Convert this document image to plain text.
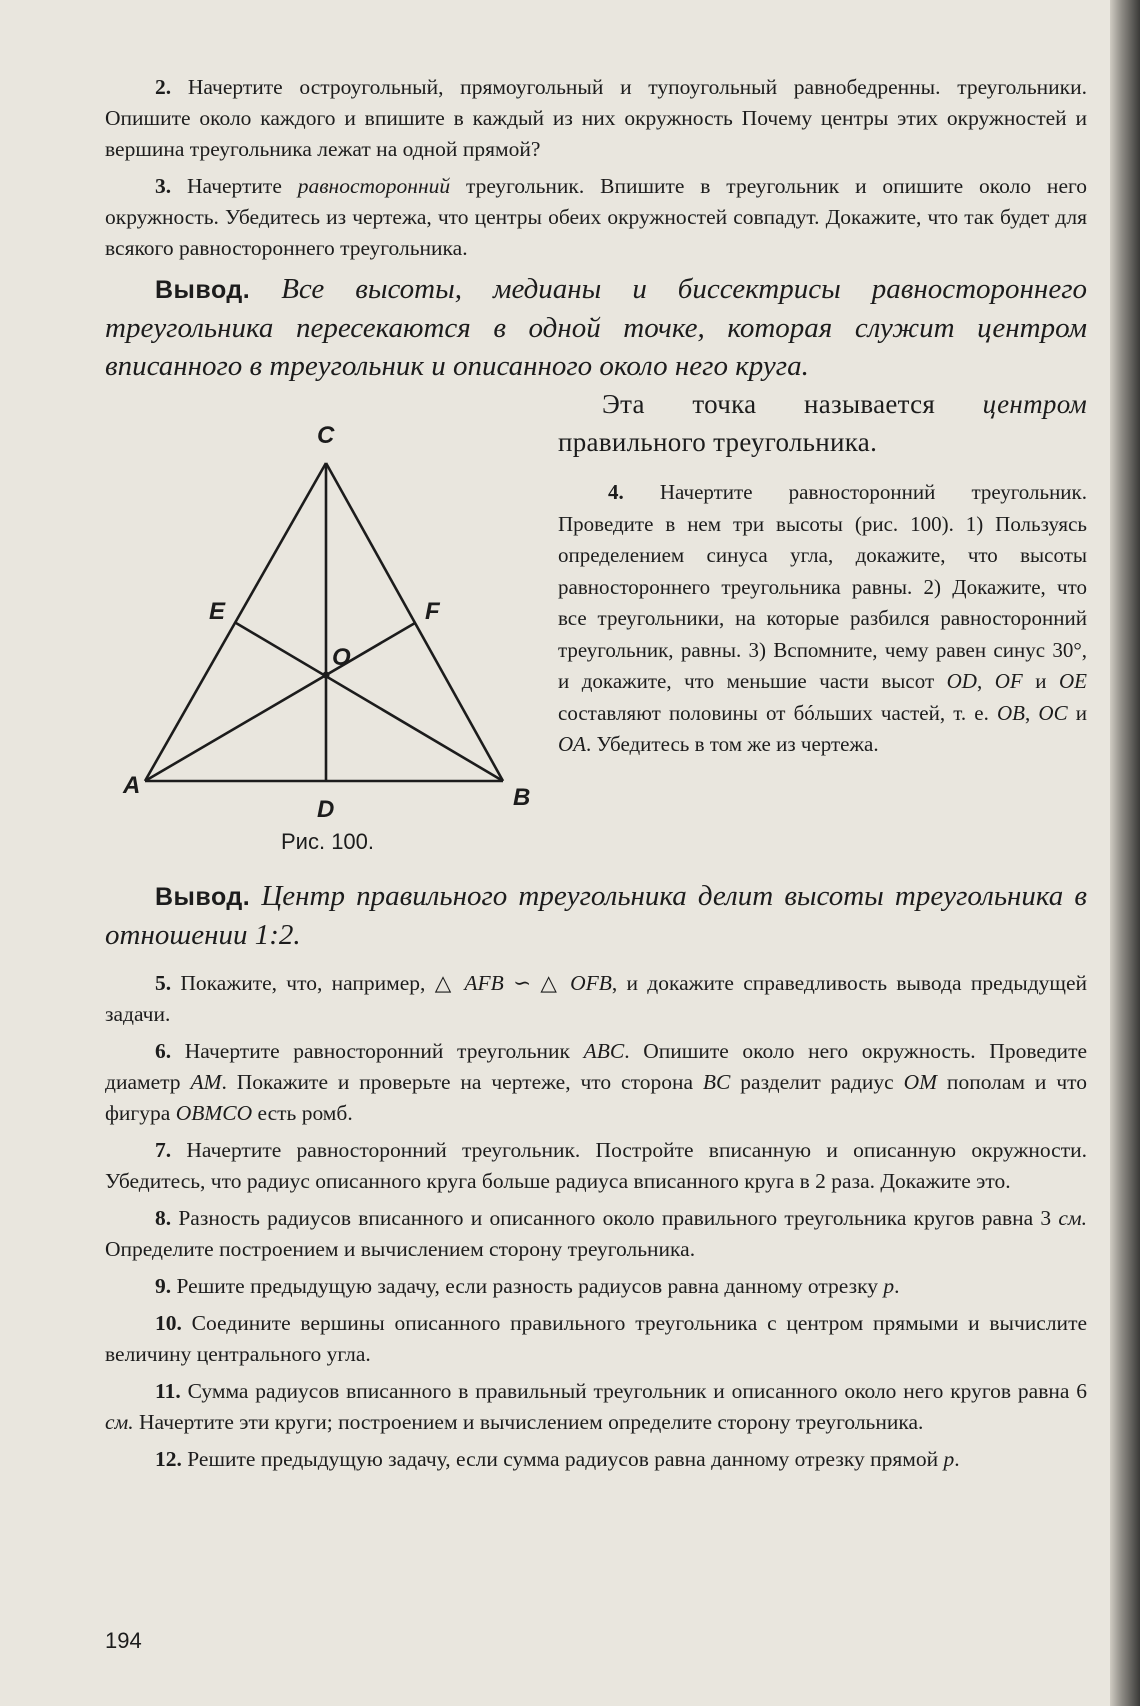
2. Начертите остроугольный, прямоугольный и тупоугольный равнобедренны. треугольники. Опишите около каждого и впишите в каждый из них окружность Почему центры этих окружностей и вершина треугольника лежат на одной прямой?

3. Начертите равносторонний треугольник. Впишите в треугольник и опишите около него окружность. Убедитесь из чертежа, что центры обеих окружностей совпадут. Докажите, что так будет для всякого равностороннего треугольника.

Вывод. Все высоты, медианы и биссектрисы равностороннего треугольника пересекаются в одной точке, которая служит центром вписанного в треугольник и описанного около него круга.

C
A	B
D
E	F
O
Рис. 100.

Эта точка называется центром правильного треугольника.

4. Начертите равносторонний треугольник. Проведите в нем три высоты (рис. 100). 1) Пользуясь определением синуса угла, докажите, что высоты равностороннего треугольника равны. 2) Докажите, что все треугольники, на которые разбился равносторонний треугольник, равны. 3) Вспомните, чему равен синус 30°, и докажите, что меньшие части высот OD, OF и OE составляют половины от бóльших частей, т. е. OB, OC и OA. Убедитесь в том же из чертежа.

Вывод. Центр правильного треугольника делит высоты треугольника в отношении 1:2.

5. Покажите, что, например, △ AFB ∽ △ OFB, и докажите справедливость вывода предыдущей задачи.

6. Начертите равносторонний треугольник ABC. Опишите около него окружность. Проведите диаметр AM. Покажите и проверьте на чертеже, что сторона BC разделит радиус OM пополам и что фигура OBMCO есть ромб.

7. Начертите равносторонний треугольник. Постройте вписанную и описанную окружности. Убедитесь, что радиус описанного круга больше радиуса вписанного круга в 2 раза. Докажите это.

8. Разность радиусов вписанного и описанного около правильного треугольника кругов равна 3 см. Определите построением и вычислением сторону треугольника.

9. Решите предыдущую задачу, если разность радиусов равна данному отрезку p.

10. Соедините вершины описанного правильного треугольника с центром прямыми и вычислите величину центрального угла.

11. Сумма радиусов вписанного в правильный треугольник и описанного около него кругов равна 6 см. Начертите эти круги; построением и вычислением определите сторону треугольника.

12. Решите предыдущую задачу, если сумма радиусов равна данному отрезку прямой p.

194
